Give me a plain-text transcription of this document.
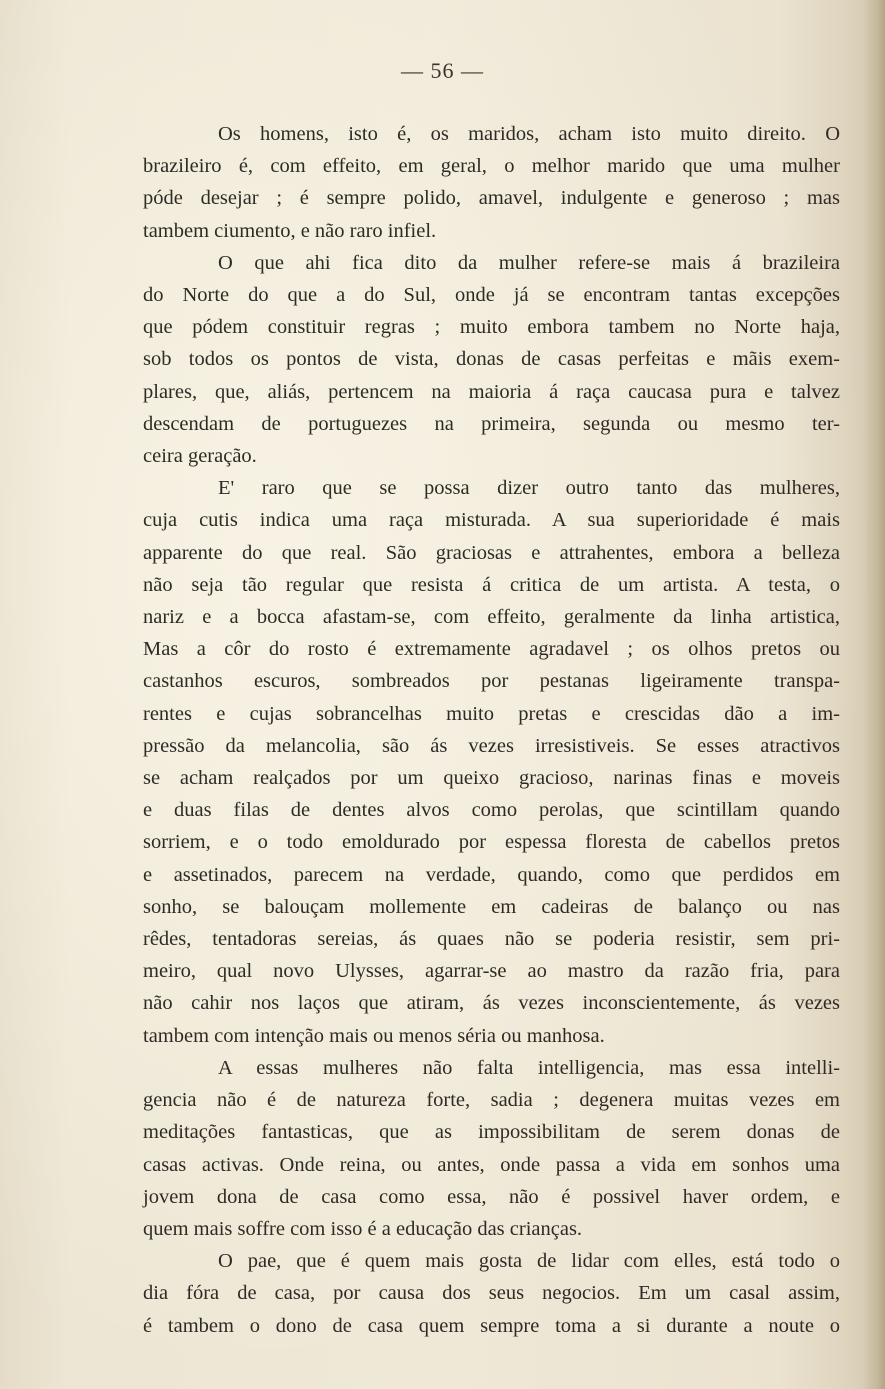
— 56 —

Os homens, isto é, os maridos, acham isto muito direito. O

brazileiro é, com effeito, em geral, o melhor marido que uma mulher

póde desejar ; é sempre polido, amavel, indulgente e generoso ; mas

tambem ciumento, e não raro infiel.

O que ahi fica dito da mulher refere-se mais á brazileira

do Norte do que a do Sul, onde já se encontram tantas excepções

que pódem constituir regras ; muito embora tambem no Norte haja,

sob todos os pontos de vista, donas de casas perfeitas e mãis exem-

plares, que, aliás, pertencem na maioria á raça caucasa pura e talvez

descendam de portuguezes na primeira, segunda ou mesmo ter-

ceira geração.

E' raro que se possa dizer outro tanto das mulheres,

cuja cutis indica uma raça misturada. A sua superioridade é mais

apparente do que real. São graciosas e attrahentes, embora a belleza

não seja tão regular que resista á critica de um artista. A testa, o

nariz e a bocca afastam-se, com effeito, geralmente da linha artistica,

Mas a côr do rosto é extremamente agradavel ; os olhos pretos ou

castanhos escuros, sombreados por pestanas ligeiramente transpa-

rentes e cujas sobrancelhas muito pretas e crescidas dão a im-

pressão da melancolia, são ás vezes irresistiveis. Se esses atractivos

se acham realçados por um queixo gracioso, narinas finas e moveis

e duas filas de dentes alvos como perolas, que scintillam quando

sorriem, e o todo emoldurado por espessa floresta de cabellos pretos

e assetinados, parecem na verdade, quando, como que perdidos em

sonho, se balouçam mollemente em cadeiras de balanço ou nas

rêdes, tentadoras sereias, ás quaes não se poderia resistir, sem pri-

meiro, qual novo Ulysses, agarrar-se ao mastro da razão fria, para

não cahir nos laços que atiram, ás vezes inconscientemente, ás vezes

tambem com intenção mais ou menos séria ou manhosa.

A essas mulheres não falta intelligencia, mas essa intelli-

gencia não é de natureza forte, sadia ; degenera muitas vezes em

meditações fantasticas, que as impossibilitam de serem donas de

casas activas. Onde reina, ou antes, onde passa a vida em sonhos uma

jovem dona de casa como essa, não é possivel haver ordem, e

quem mais soffre com isso é a educação das crianças.

O pae, que é quem mais gosta de lidar com elles, está todo o

dia fóra de casa, por causa dos seus negocios. Em um casal assim,

é tambem o dono de casa quem sempre toma a si durante a noute o
